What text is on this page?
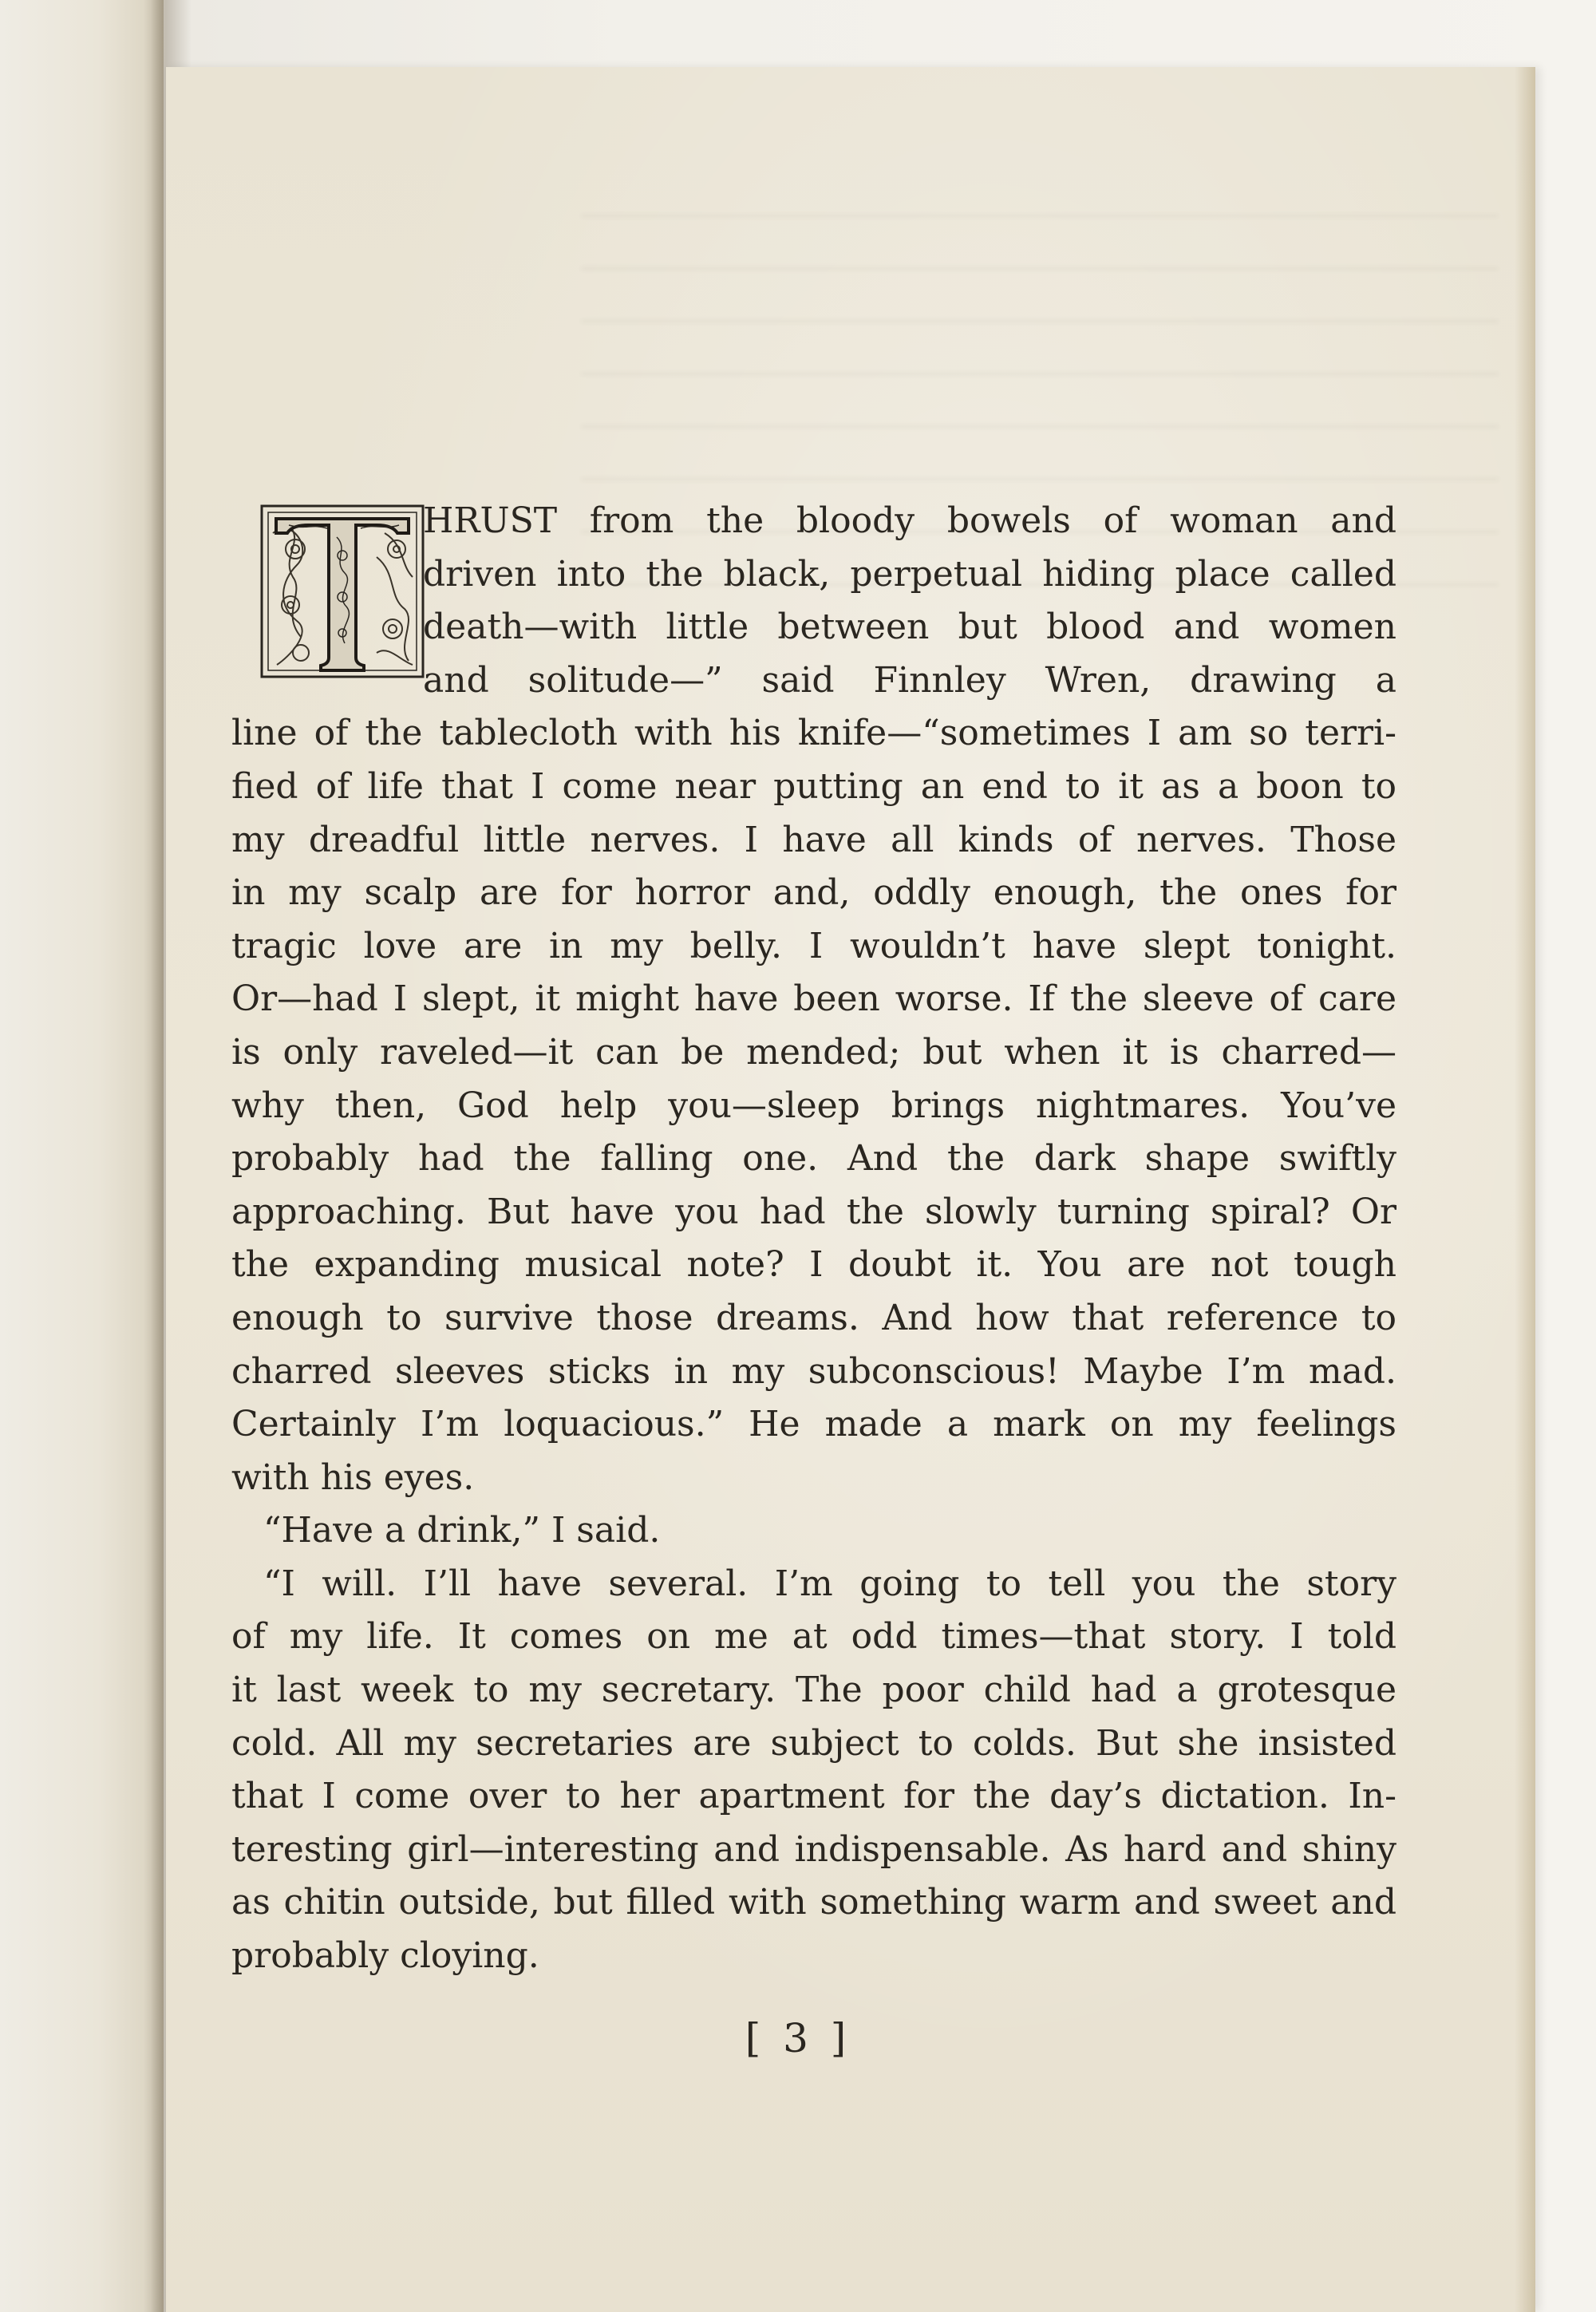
HRUST from the bloody bowels of woman and
driven into the black, perpetual hiding place called
death—with little between but blood and women
and solitude—” said Finnley Wren, drawing a
line of the tablecloth with his knife—“sometimes I am so terri-
fied of life that I come near putting an end to it as a boon to
my dreadful little nerves. I have all kinds of nerves. Those
in my scalp are for horror and, oddly enough, the ones for
tragic love are in my belly. I wouldn’t have slept tonight.
Or—had I slept, it might have been worse. If the sleeve of care
is only raveled—it can be mended; but when it is charred—
why then, God help you—sleep brings nightmares. You’ve
probably had the falling one. And the dark shape swiftly
approaching. But have you had the slowly turning spiral? Or
the expanding musical note? I doubt it. You are not tough
enough to survive those dreams. And how that reference to
charred sleeves sticks in my subconscious! Maybe I’m mad.
Certainly I’m loquacious.” He made a mark on my feelings
with his eyes.
“Have a drink,” I said.
“I will. I’ll have several. I’m going to tell you the story
of my life. It comes on me at odd times—that story. I told
it last week to my secretary. The poor child had a grotesque
cold. All my secretaries are subject to colds. But she insisted
that I come over to her apartment for the day’s dictation. In-
teresting girl—interesting and indispensable. As hard and shiny
as chitin outside, but filled with something warm and sweet and
probably cloying.
[ 3 ]
